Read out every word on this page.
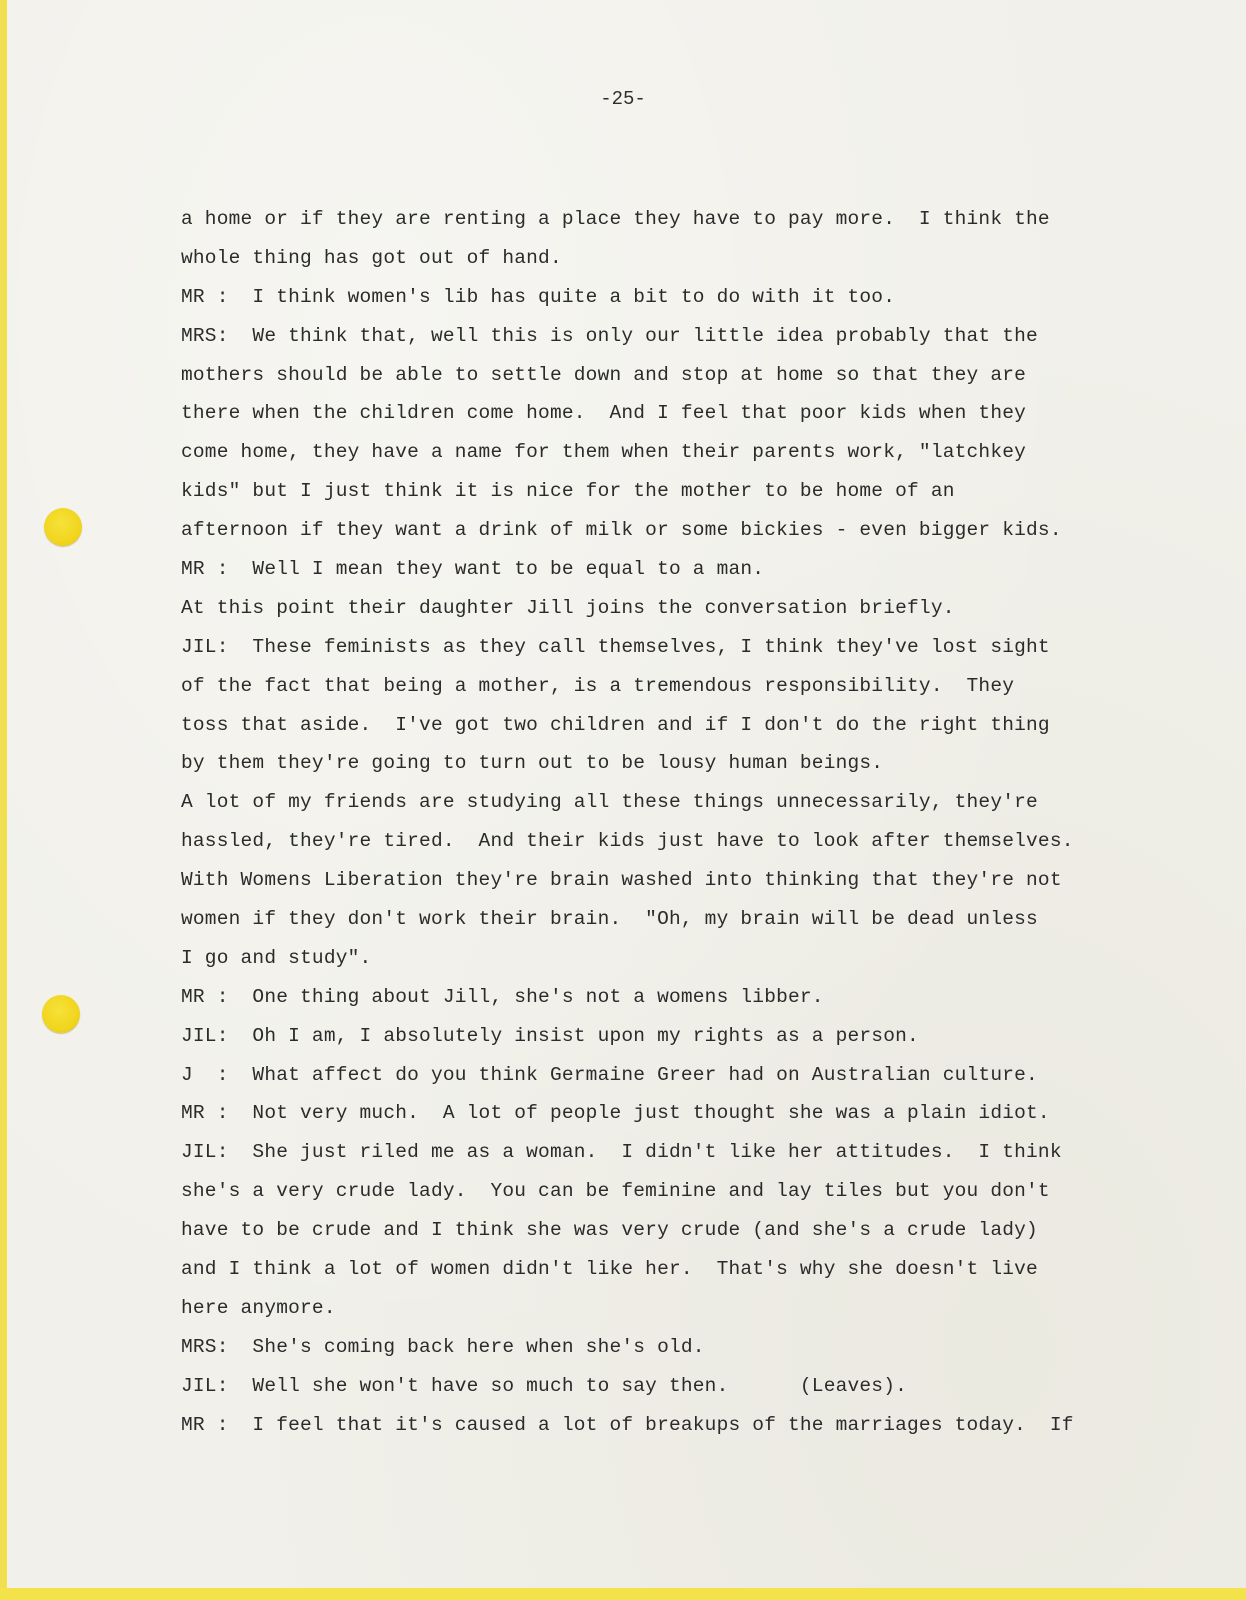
-25-

a home or if they are renting a place they have to pay more.  I think the
whole thing has got out of hand.
MR :  I think women's lib has quite a bit to do with it too.
MRS:  We think that, well this is only our little idea probably that the
mothers should be able to settle down and stop at home so that they are
there when the children come home.  And I feel that poor kids when they
come home, they have a name for them when their parents work, "latchkey
kids" but I just think it is nice for the mother to be home of an
afternoon if they want a drink of milk or some bickies - even bigger kids.
MR :  Well I mean they want to be equal to a man.
At this point their daughter Jill joins the conversation briefly.
JIL:  These feminists as they call themselves, I think they've lost sight
of the fact that being a mother, is a tremendous responsibility.  They
toss that aside.  I've got two children and if I don't do the right thing
by them they're going to turn out to be lousy human beings.
A lot of my friends are studying all these things unnecessarily, they're
hassled, they're tired.  And their kids just have to look after themselves.
With Womens Liberation they're brain washed into thinking that they're not
women if they don't work their brain.  "Oh, my brain will be dead unless
I go and study".
MR :  One thing about Jill, she's not a womens libber.
JIL:  Oh I am, I absolutely insist upon my rights as a person.
J  :  What affect do you think Germaine Greer had on Australian culture.
MR :  Not very much.  A lot of people just thought she was a plain idiot.
JIL:  She just riled me as a woman.  I didn't like her attitudes.  I think
she's a very crude lady.  You can be feminine and lay tiles but you don't
have to be crude and I think she was very crude (and she's a crude lady)
and I think a lot of women didn't like her.  That's why she doesn't live
here anymore.
MRS:  She's coming back here when she's old.
JIL:  Well she won't have so much to say then.      (Leaves).
MR :  I feel that it's caused a lot of breakups of the marriages today.  If
